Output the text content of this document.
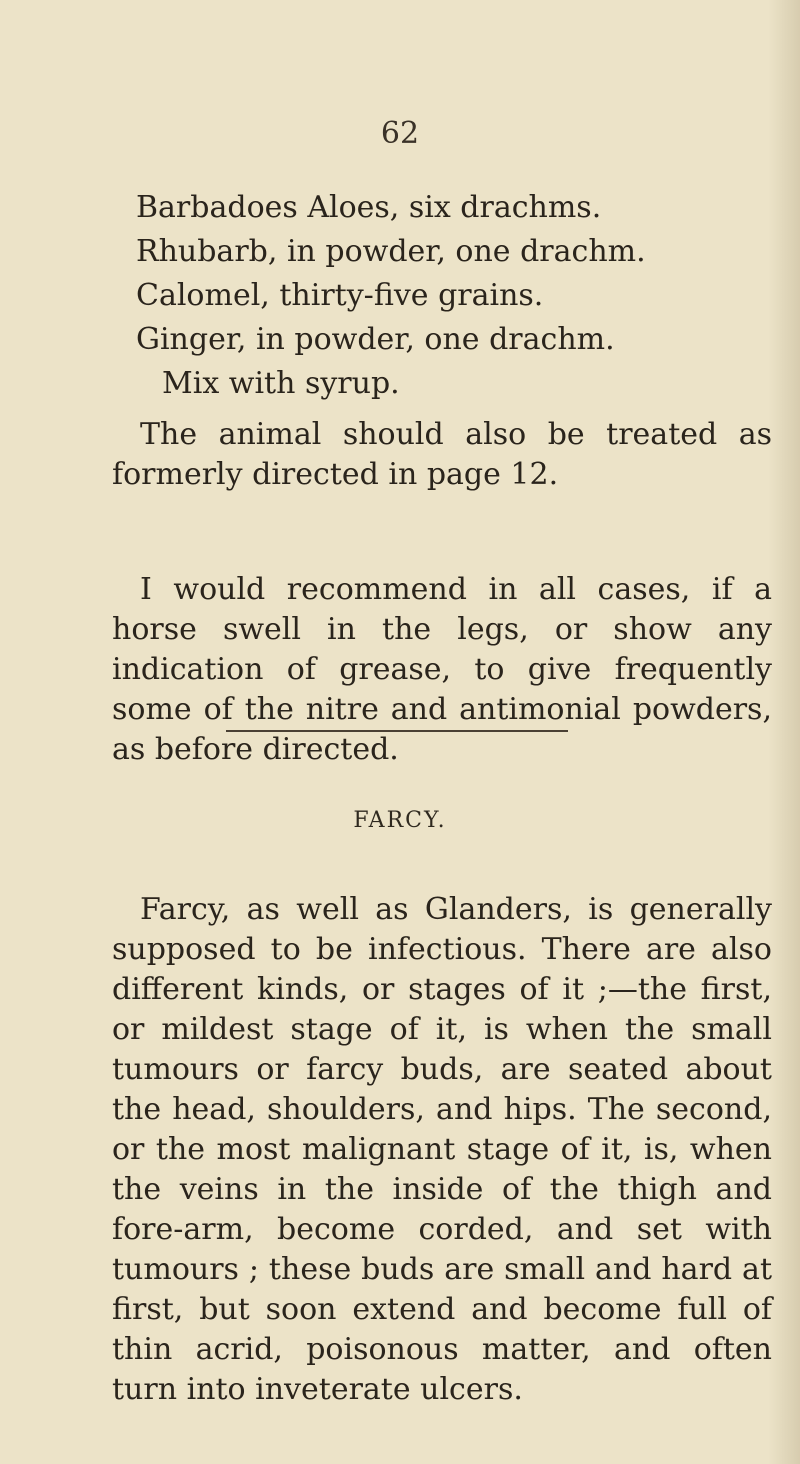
62
Barbadoes Aloes, six drachms.
Rhubarb, in powder, one drachm.
Calomel, thirty-five grains.
Ginger, in powder, one drachm.
Mix with syrup.

The animal should also be treated as formerly directed in page 12.

I would recommend in all cases, if a horse swell in the legs, or show any indication of grease, to give frequently some of the nitre and antimonial powders, as before directed.

FARCY.

Farcy, as well as Glanders, is generally supposed to be infectious. There are also different kinds, or stages of it ;—the first, or mildest stage of it, is when the small tumours or farcy buds, are seated about the head, shoulders, and hips. The second, or the most malignant stage of it, is, when the veins in the inside of the thigh and fore-arm, become corded, and set with tumours ; these buds are small and hard at first, but soon extend and become full of thin acrid, poisonous matter, and often turn into inveterate ulcers.
